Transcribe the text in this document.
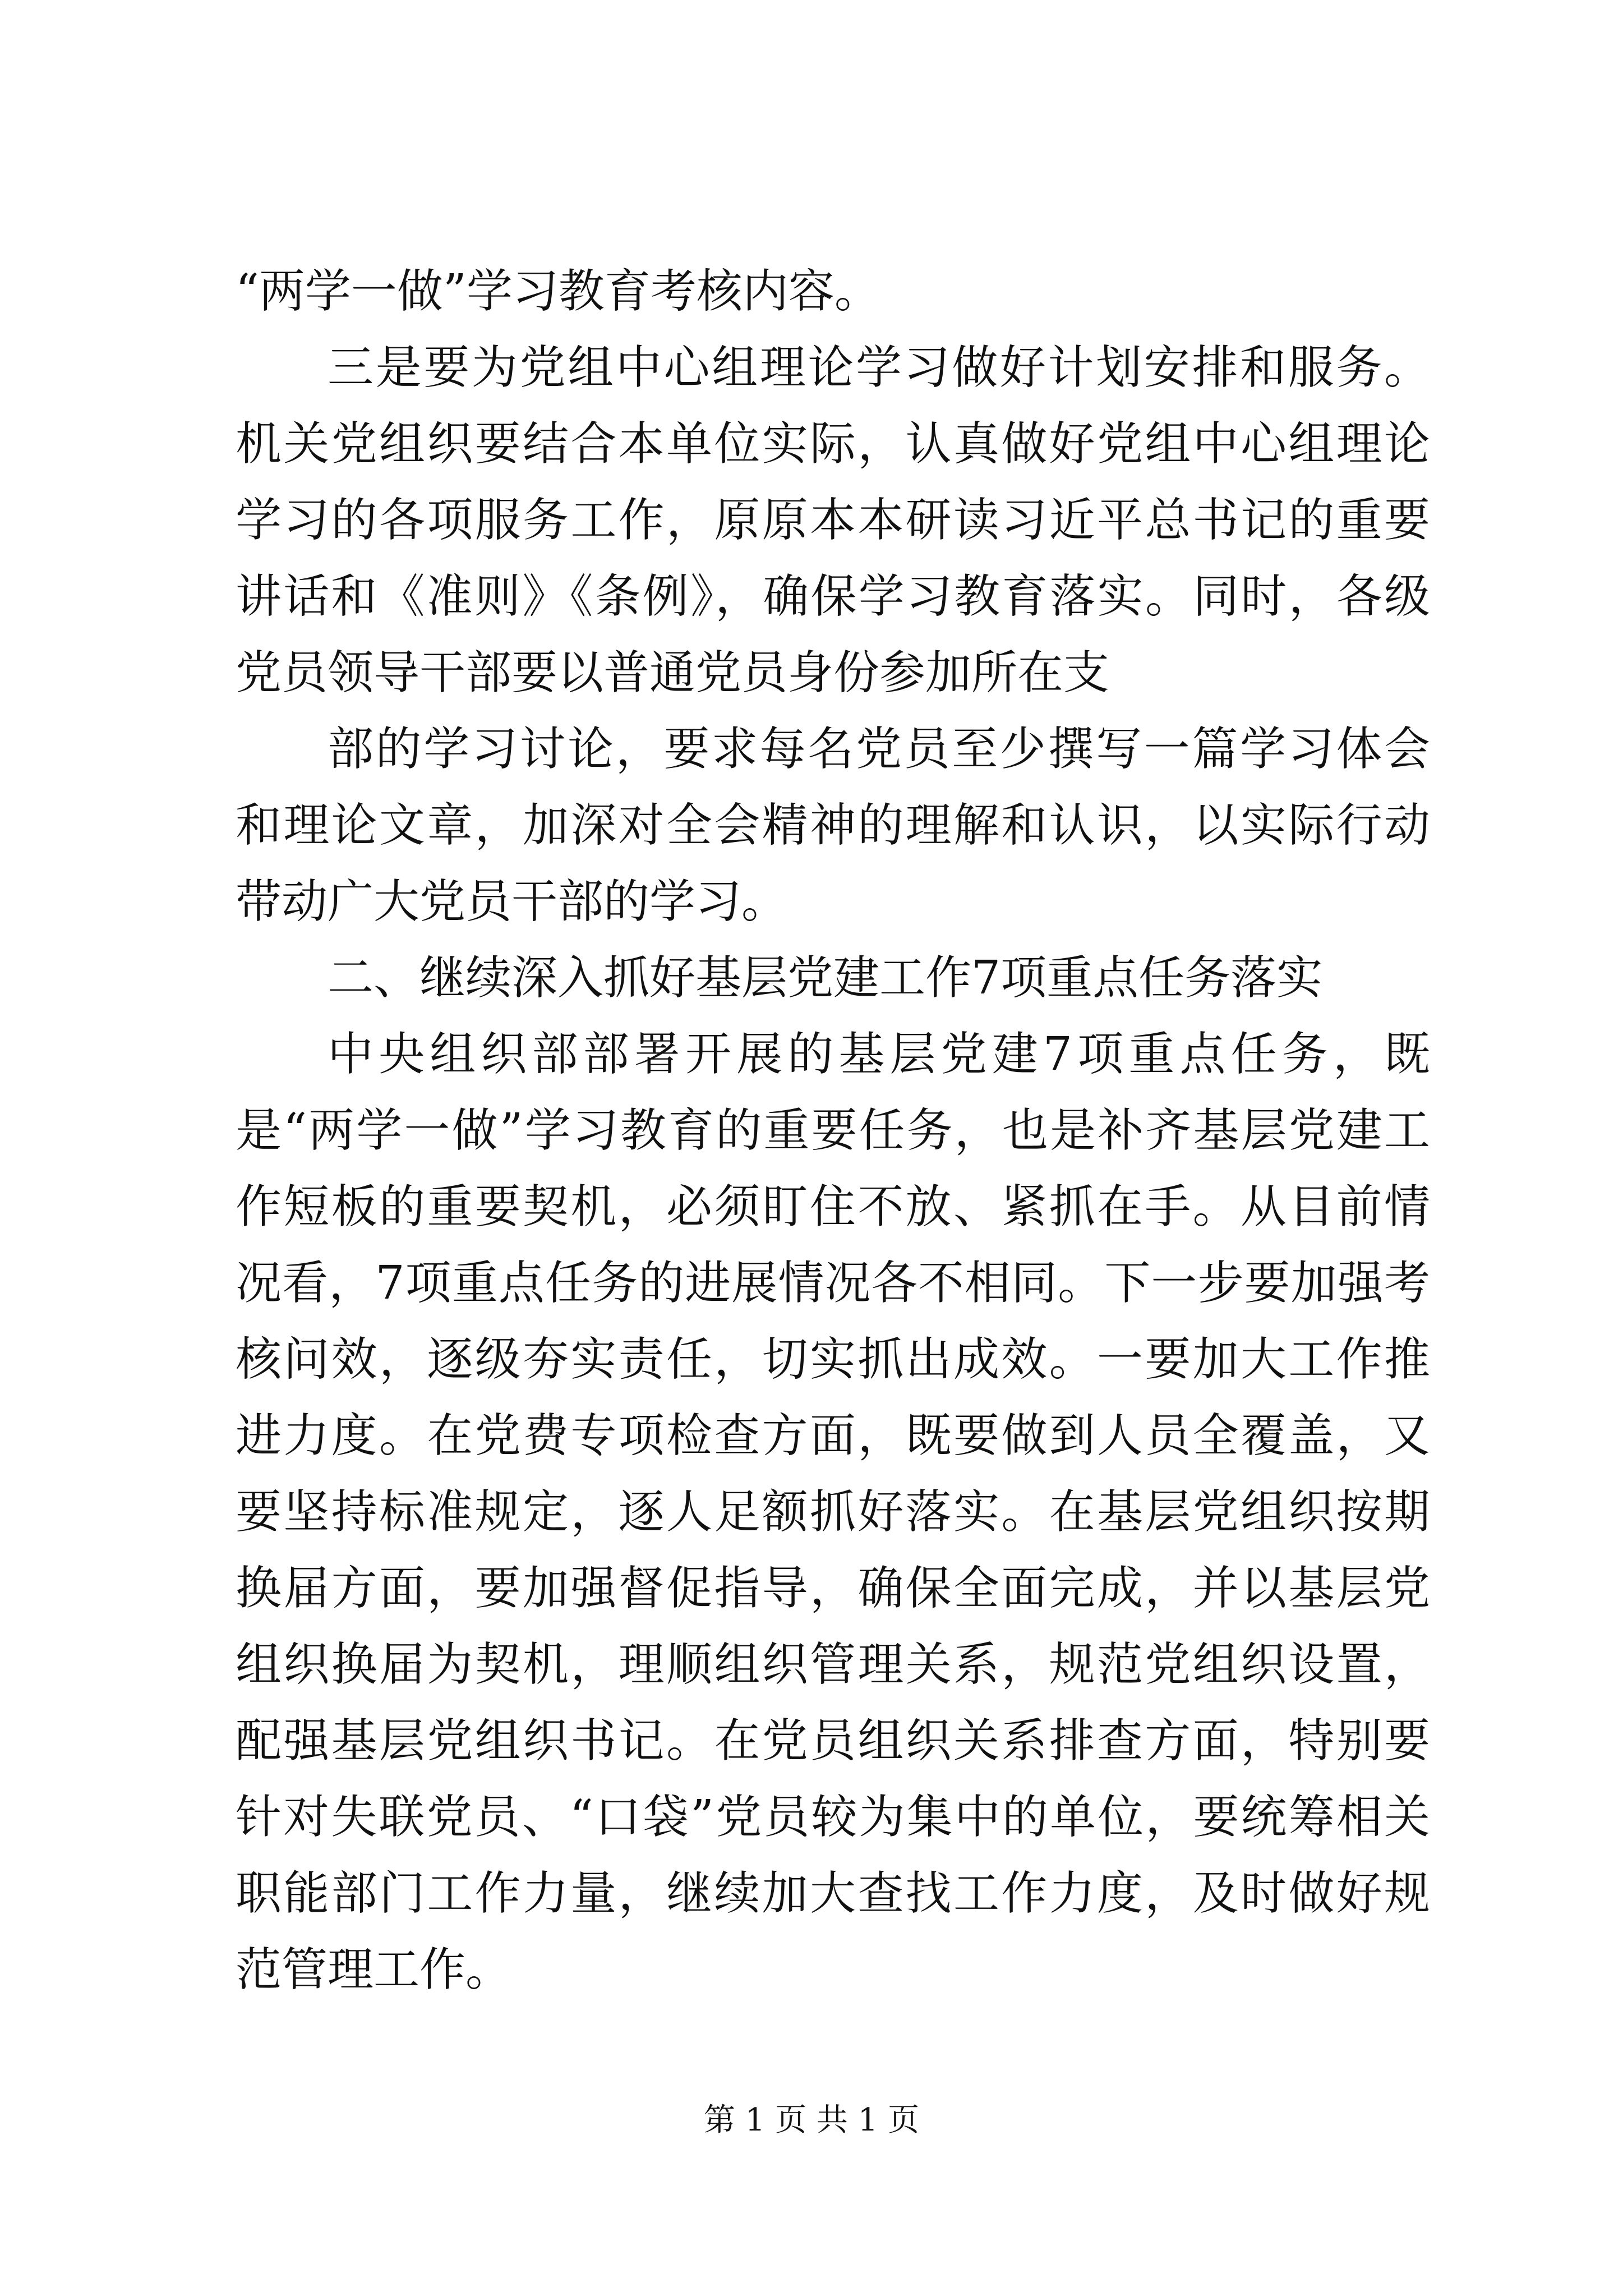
“两学一做”学习教育考核内容。

三是要为党组中心组理论学习做好计划安排和服务。机关党组织要结合本单位实际，认真做好党组中心组理论学习的各项服务工作，原原本本研读习近平总书记的重要讲话和《准则》《条例》，确保学习教育落实。同时，各级党员领导干部要以普通党员身份参加所在支

部的学习讨论，要求每名党员至少撰写一篇学习体会和理论文章，加深对全会精神的理解和认识，以实际行动带动广大党员干部的学习。

二、继续深入抓好基层党建工作7项重点任务落实

中央组织部部署开展的基层党建7项重点任务，既是“两学一做”学习教育的重要任务，也是补齐基层党建工作短板的重要契机，必须盯住不放、紧抓在手。从目前情况看，7项重点任务的进展情况各不相同。下一步要加强考核问效，逐级夯实责任，切实抓出成效。一要加大工作推进力度。在党费专项检查方面，既要做到人员全覆盖，又要坚持标准规定，逐人足额抓好落实。在基层党组织按期换届方面，要加强督促指导，确保全面完成，并以基层党组织换届为契机，理顺组织管理关系，规范党组织设置，配强基层党组织书记。在党员组织关系排查方面，特别要针对失联党员、“口袋”党员较为集中的单位，要统筹相关职能部门工作力量，继续加大查找工作力度，及时做好规范管理工作。

第 1 页 共 1 页
